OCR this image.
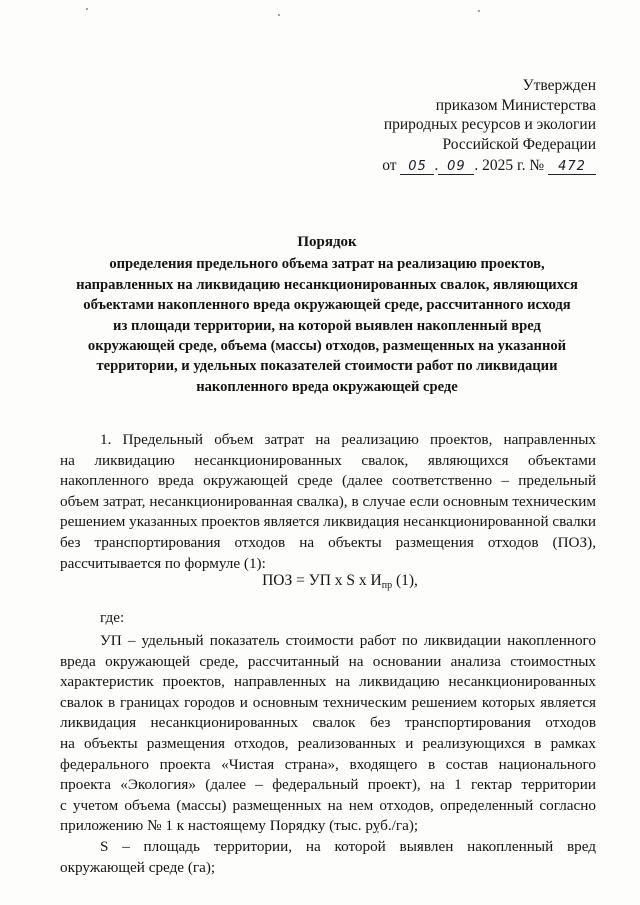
Утвержден
приказом Министерства
природных ресурсов и экологии
Российской Федерации
от 05 . 09 . 2025 г. № 472
Порядок
определения предельного объема затрат на реализацию проектов,
направленных на ликвидацию несанкционированных свалок, являющихся
объектами накопленного вреда окружающей среде, рассчитанного исходя
из площади территории, на которой выявлен накопленный вред
окружающей среде, объема (массы) отходов, размещенных на указанной
территории, и удельных показателей стоимости работ по ликвидации
накопленного вреда окружающей среде
1. Предельный объем затрат на реализацию проектов, направленных
на ликвидацию несанкционированных свалок, являющихся объектами
накопленного вреда окружающей среде (далее соответственно – предельный
объем затрат, несанкционированная свалка), в случае если основным техническим
решением указанных проектов является ликвидация несанкционированной свалки
без транспортирования отходов на объекты размещения отходов (ПОЗ),
рассчитывается по формуле (1):
ПОЗ = УП x S x $И_{пр}$ (1),
где:
УП – удельный показатель стоимости работ по ликвидации накопленного
вреда окружающей среде, рассчитанный на основании анализа стоимостных
характеристик проектов, направленных на ликвидацию несанкционированных
свалок в границах городов и основным техническим решением которых является
ликвидация несанкционированных свалок без транспортирования отходов
на объекты размещения отходов, реализованных и реализующихся в рамках
федерального проекта «Чистая страна», входящего в состав национального
проекта «Экология» (далее – федеральный проект), на 1 гектар территории
с учетом объема (массы) размещенных на нем отходов, определенный согласно
приложению № 1 к настоящему Порядку (тыс. руб./га);
S – площадь территории, на которой выявлен накопленный вред
окружающей среде (га);
